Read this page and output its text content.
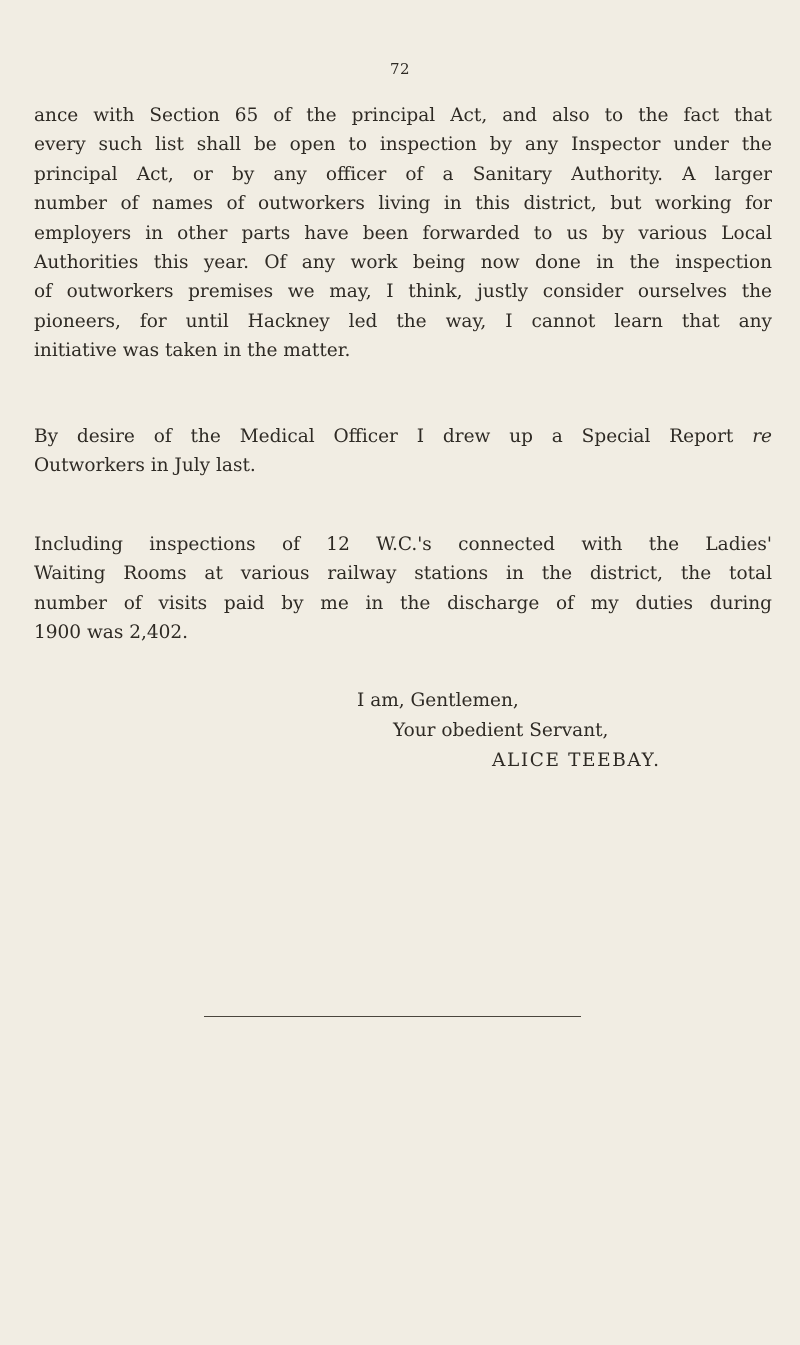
72
ance with Section 65 of the principal Act, and also to the fact that
every such list shall be open to inspection by any Inspector under the
principal Act, or by any officer of a Sanitary Authority. A larger
number of names of outworkers living in this district, but working for
employers in other parts have been forwarded to us by various Local
Authorities this year. Of any work being now done in the inspection
of outworkers premises we may, I think, justly consider ourselves the
pioneers, for until Hackney led the way, I cannot learn that any
initiative was taken in the matter.
By desire of the Medical Officer I drew up a Special Report re
Outworkers in July last.
Including inspections of 12 W.C.'s connected with the Ladies'
Waiting Rooms at various railway stations in the district, the total
number of visits paid by me in the discharge of my duties during
1900 was 2,402.
I am, Gentlemen,
Your obedient Servant,
ALICE TEEBAY.
